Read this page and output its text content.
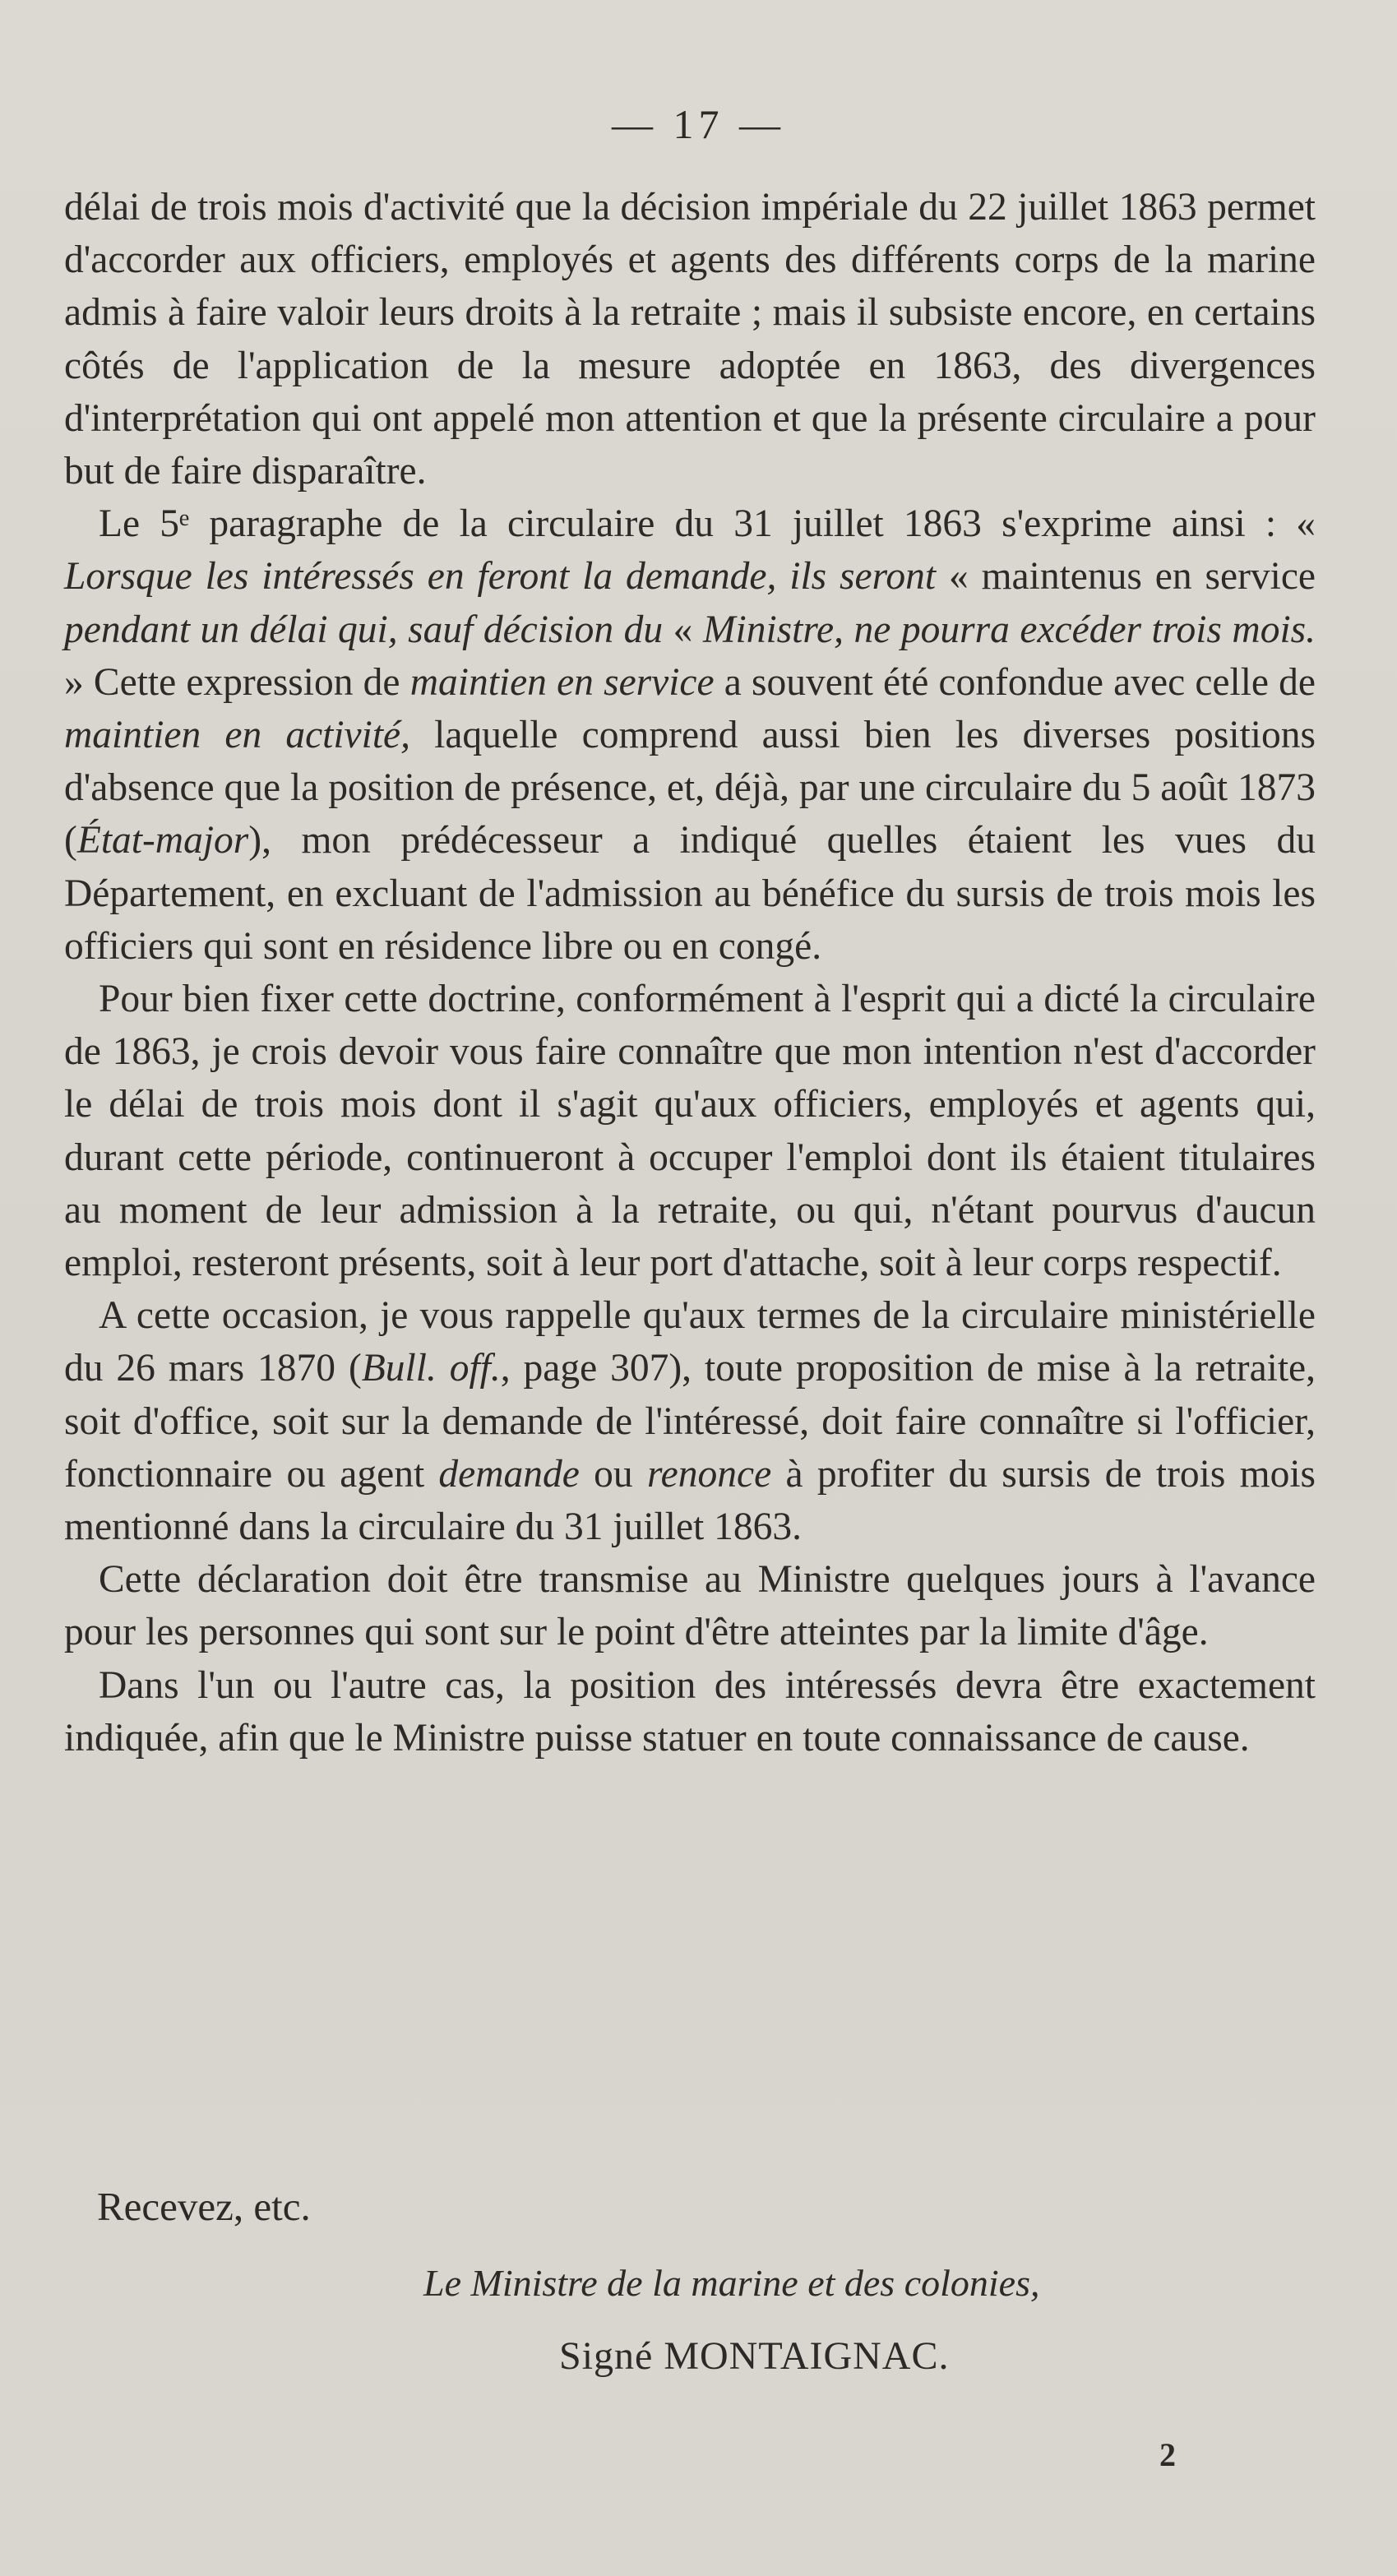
— 17 —

délai de trois mois d'activité que la décision impériale du 22 juillet 1863 permet d'accorder aux officiers, employés et agents des différents corps de la marine admis à faire valoir leurs droits à la retraite ; mais il subsiste encore, en certains côtés de l'application de la mesure adoptée en 1863, des divergences d'interprétation qui ont appelé mon attention et que la présente circulaire a pour but de faire disparaître.

Le 5ᵉ paragraphe de la circulaire du 31 juillet 1863 s'exprime ainsi : « Lorsque les intéressés en feront la demande, ils seront « maintenus en service pendant un délai qui, sauf décision du « Ministre, ne pourra excéder trois mois. » Cette expression de maintien en service a souvent été confondue avec celle de maintien en activité, laquelle comprend aussi bien les diverses positions d'absence que la position de présence, et, déjà, par une circulaire du 5 août 1873 (État-major), mon prédécesseur a indiqué quelles étaient les vues du Département, en excluant de l'admission au bénéfice du sursis de trois mois les officiers qui sont en résidence libre ou en congé.

Pour bien fixer cette doctrine, conformément à l'esprit qui a dicté la circulaire de 1863, je crois devoir vous faire connaître que mon intention n'est d'accorder le délai de trois mois dont il s'agit qu'aux officiers, employés et agents qui, durant cette période, continueront à occuper l'emploi dont ils étaient titulaires au moment de leur admission à la retraite, ou qui, n'étant pourvus d'aucun emploi, resteront présents, soit à leur port d'attache, soit à leur corps respectif.

A cette occasion, je vous rappelle qu'aux termes de la circulaire ministérielle du 26 mars 1870 (Bull. off., page 307), toute proposition de mise à la retraite, soit d'office, soit sur la demande de l'intéressé, doit faire connaître si l'officier, fonctionnaire ou agent demande ou renonce à profiter du sursis de trois mois mentionné dans la circulaire du 31 juillet 1863.

Cette déclaration doit être transmise au Ministre quelques jours à l'avance pour les personnes qui sont sur le point d'être atteintes par la limite d'âge.

Dans l'un ou l'autre cas, la position des intéressés devra être exactement indiquée, afin que le Ministre puisse statuer en toute connaissance de cause.

Recevez, etc.
Le Ministre de la marine et des colonies,
Signé MONTAIGNAC.
2
